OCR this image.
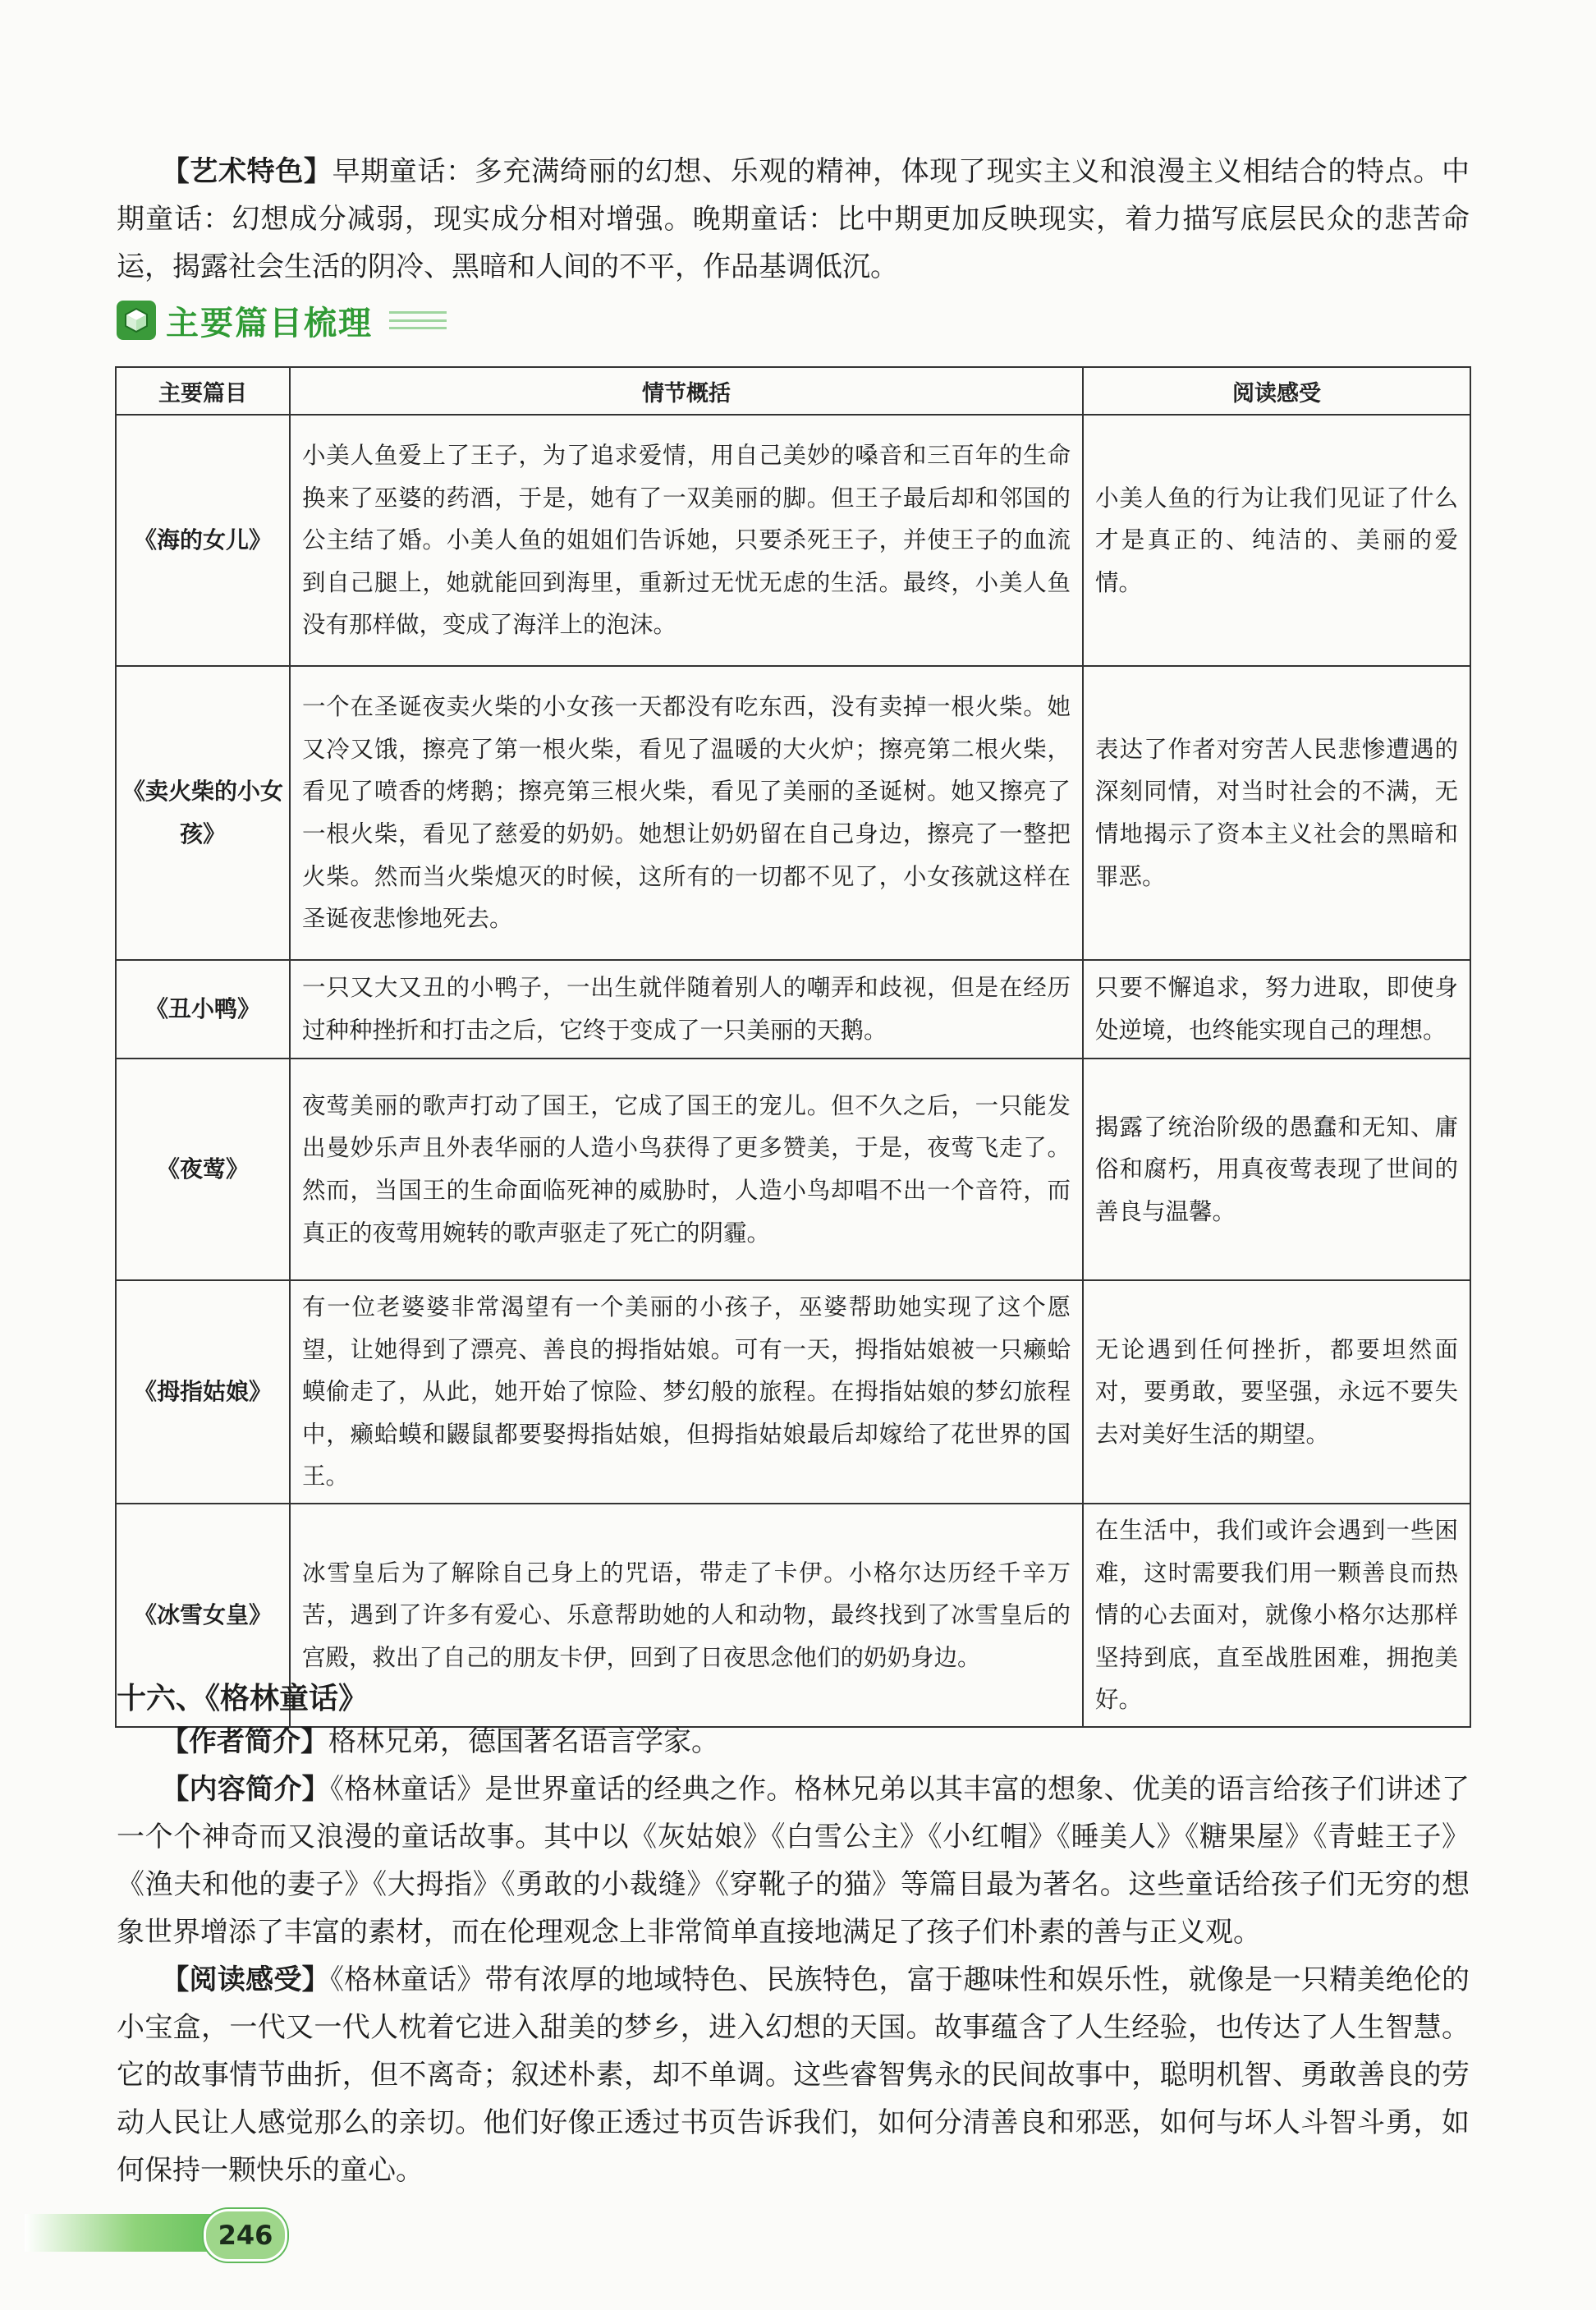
【艺术特色】早期童话：多充满绮丽的幻想、乐观的精神，体现了现实主义和浪漫主义相结合的特点。中期童话：幻想成分减弱，现实成分相对增强。晚期童话：比中期更加反映现实，着力描写底层民众的悲苦命运，揭露社会生活的阴冷、黑暗和人间的不平，作品基调低沉。

主要篇目梳理
主要篇目	情节概括	阅读感受
《海的女儿》	小美人鱼爱上了王子，为了追求爱情，用自己美妙的嗓音和三百年的生命换来了巫婆的药酒，于是，她有了一双美丽的脚。但王子最后却和邻国的公主结了婚。小美人鱼的姐姐们告诉她，只要杀死王子，并使王子的血流到自己腿上，她就能回到海里，重新过无忧无虑的生活。最终，小美人鱼没有那样做，变成了海洋上的泡沫。	小美人鱼的行为让我们见证了什么才是真正的、纯洁的、美丽的爱情。
《卖火柴的小女孩》	一个在圣诞夜卖火柴的小女孩一天都没有吃东西，没有卖掉一根火柴。她又冷又饿，擦亮了第一根火柴，看见了温暖的大火炉；擦亮第二根火柴，看见了喷香的烤鹅；擦亮第三根火柴，看见了美丽的圣诞树。她又擦亮了一根火柴，看见了慈爱的奶奶。她想让奶奶留在自己身边，擦亮了一整把火柴。然而当火柴熄灭的时候，这所有的一切都不见了，小女孩就这样在圣诞夜悲惨地死去。	表达了作者对穷苦人民悲惨遭遇的深刻同情，对当时社会的不满，无情地揭示了资本主义社会的黑暗和罪恶。
《丑小鸭》	一只又大又丑的小鸭子，一出生就伴随着别人的嘲弄和歧视，但是在经历过种种挫折和打击之后，它终于变成了一只美丽的天鹅。	只要不懈追求，努力进取，即使身处逆境，也终能实现自己的理想。
《夜莺》	夜莺美丽的歌声打动了国王，它成了国王的宠儿。但不久之后，一只能发出曼妙乐声且外表华丽的人造小鸟获得了更多赞美，于是，夜莺飞走了。然而，当国王的生命面临死神的威胁时，人造小鸟却唱不出一个音符，而真正的夜莺用婉转的歌声驱走了死亡的阴霾。	揭露了统治阶级的愚蠢和无知、庸俗和腐朽，用真夜莺表现了世间的善良与温馨。
《拇指姑娘》	有一位老婆婆非常渴望有一个美丽的小孩子，巫婆帮助她实现了这个愿望，让她得到了漂亮、善良的拇指姑娘。可有一天，拇指姑娘被一只癞蛤蟆偷走了，从此，她开始了惊险、梦幻般的旅程。在拇指姑娘的梦幻旅程中，癞蛤蟆和鼹鼠都要娶拇指姑娘，但拇指姑娘最后却嫁给了花世界的国王。	无论遇到任何挫折，都要坦然面对，要勇敢，要坚强，永远不要失去对美好生活的期望。
《冰雪女皇》	冰雪皇后为了解除自己身上的咒语，带走了卡伊。小格尔达历经千辛万苦，遇到了许多有爱心、乐意帮助她的人和动物，最终找到了冰雪皇后的宫殿，救出了自己的朋友卡伊，回到了日夜思念他们的奶奶身边。	在生活中，我们或许会遇到一些困难，这时需要我们用一颗善良而热情的心去面对，就像小格尔达那样坚持到底，直至战胜困难，拥抱美好。
十六、《格林童话》

【作者简介】格林兄弟，德国著名语言学家。

【内容简介】《格林童话》是世界童话的经典之作。格林兄弟以其丰富的想象、优美的语言给孩子们讲述了一个个神奇而又浪漫的童话故事。其中以《灰姑娘》《白雪公主》《小红帽》《睡美人》《糖果屋》《青蛙王子》《渔夫和他的妻子》《大拇指》《勇敢的小裁缝》《穿靴子的猫》等篇目最为著名。这些童话给孩子们无穷的想象世界增添了丰富的素材，而在伦理观念上非常简单直接地满足了孩子们朴素的善与正义观。

【阅读感受】《格林童话》带有浓厚的地域特色、民族特色，富于趣味性和娱乐性，就像是一只精美绝伦的小宝盒，一代又一代人枕着它进入甜美的梦乡，进入幻想的天国。故事蕴含了人生经验，也传达了人生智慧。它的故事情节曲折，但不离奇；叙述朴素，却不单调。这些睿智隽永的民间故事中，聪明机智、勇敢善良的劳动人民让人感觉那么的亲切。他们好像正透过书页告诉我们，如何分清善良和邪恶，如何与坏人斗智斗勇，如何保持一颗快乐的童心。

246
